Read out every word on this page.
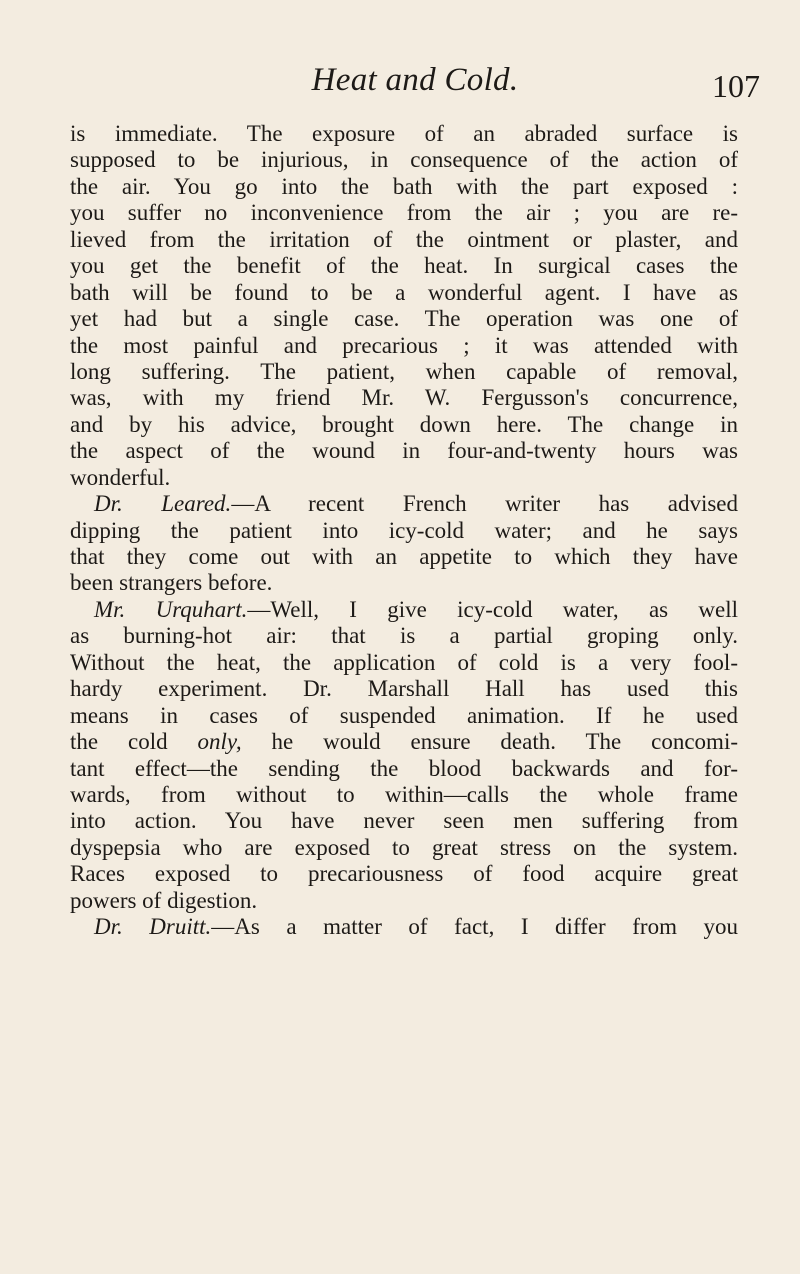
Heat and Cold.	107
is immediate. The exposure of an abraded surface is
supposed to be injurious, in consequence of the action of
the air. You go into the bath with the part exposed :
you suffer no inconvenience from the air ; you are re-
lieved from the irritation of the ointment or plaster, and
you get the benefit of the heat. In surgical cases the
bath will be found to be a wonderful agent. I have as
yet had but a single case. The operation was one of
the most painful and precarious ; it was attended with
long suffering. The patient, when capable of removal,
was, with my friend Mr. W. Fergusson's concurrence,
and by his advice, brought down here. The change in
the aspect of the wound in four-and-twenty hours was
wonderful.
Dr. Leared.—A recent French writer has advised
dipping the patient into icy-cold water; and he says
that they come out with an appetite to which they have
been strangers before.
Mr. Urquhart.—Well, I give icy-cold water, as well
as burning-hot air: that is a partial groping only.
Without the heat, the application of cold is a very fool-
hardy experiment. Dr. Marshall Hall has used this
means in cases of suspended animation. If he used
the cold only, he would ensure death. The concomi-
tant effect—the sending the blood backwards and for-
wards, from without to within—calls the whole frame
into action. You have never seen men suffering from
dyspepsia who are exposed to great stress on the system.
Races exposed to precariousness of food acquire great
powers of digestion.
Dr. Druitt.—As a matter of fact, I differ from you
